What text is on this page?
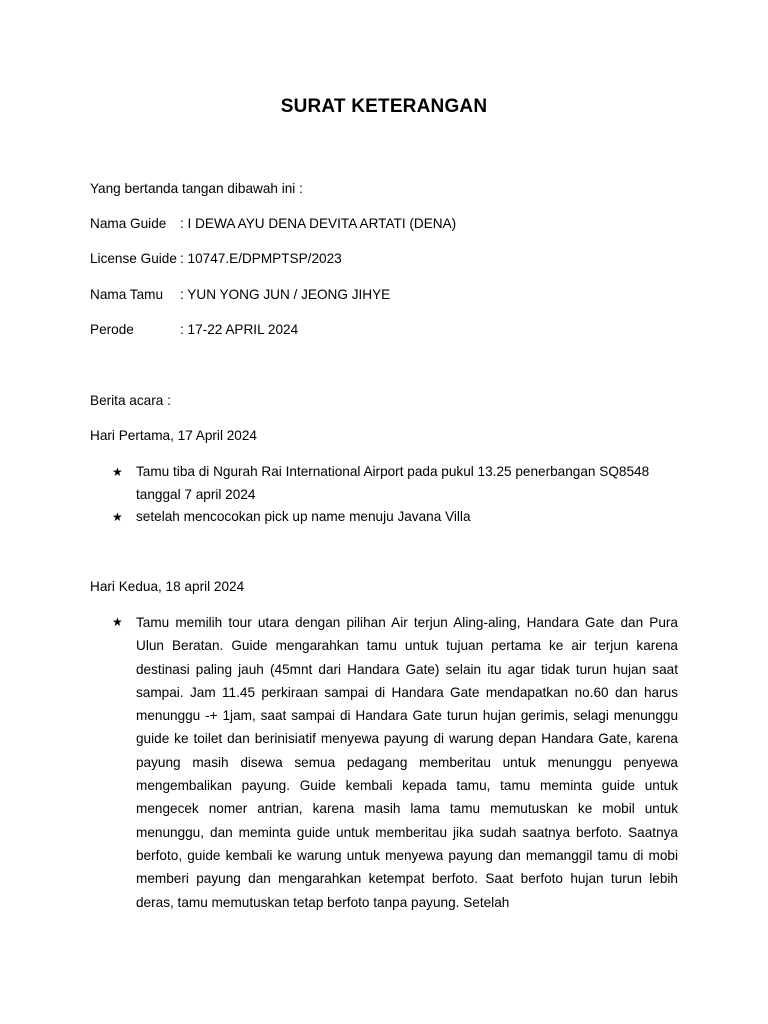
SURAT KETERANGAN
Yang bertanda tangan dibawah ini :
Nama Guide : I DEWA AYU DENA DEVITA ARTATI (DENA)
License Guide : 10747.E/DPMPTSP/2023
Nama Tamu : YUN YONG JUN / JEONG JIHYE
Perode	: 17-22 APRIL 2024
Berita acara :
Hari Pertama, 17 April 2024
★ Tamu tiba di Ngurah Rai International Airport pada pukul 13.25 penerbangan SQ8548 tanggal 7 april 2024
★ setelah mencocokan pick up name menuju Javana Villa
Hari Kedua, 18 april 2024
★ Tamu memilih tour utara dengan pilihan Air terjun Aling-aling, Handara Gate dan Pura Ulun Beratan. Guide mengarahkan tamu untuk tujuan pertama ke air terjun karena destinasi paling jauh (45mnt dari Handara Gate) selain itu agar tidak turun hujan saat sampai. Jam 11.45 perkiraan sampai di Handara Gate mendapatkan no.60 dan harus menunggu -+ 1jam, saat sampai di Handara Gate turun hujan gerimis, selagi menunggu guide ke toilet dan berinisiatif menyewa payung di warung depan Handara Gate, karena payung masih disewa semua pedagang memberitau untuk menunggu penyewa mengembalikan payung. Guide kembali kepada tamu, tamu meminta guide untuk mengecek nomer antrian, karena masih lama tamu memutuskan ke mobil untuk menunggu, dan meminta guide untuk memberitau jika sudah saatnya berfoto. Saatnya berfoto, guide kembali ke warung untuk menyewa payung dan memanggil tamu di mobi memberi payung dan mengarahkan ketempat berfoto. Saat berfoto hujan turun lebih deras, tamu memutuskan tetap berfoto tanpa payung. Setelah
